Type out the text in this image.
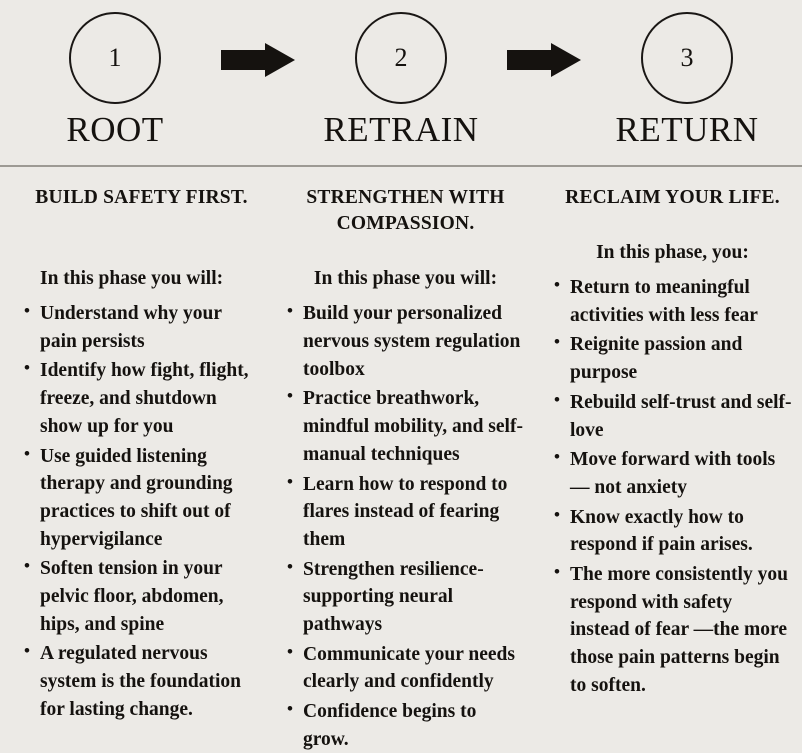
1
ROOT
2
RETRAIN
3
RETURN
BUILD SAFETY FIRST.
In this phase you will:
• Understand why your pain persists
• Identify how fight, flight, freeze, and shutdown show up for you
• Use guided listening therapy and grounding practices to shift out of hypervigilance
• Soften tension in your pelvic floor, abdomen, hips, and spine
• A regulated nervous system is the foundation for lasting change.
STRENGTHEN WITH COMPASSION.
In this phase you will:
• Build your personalized nervous system regulation toolbox
• Practice breathwork, mindful mobility, and self-manual techniques
• Learn how to respond to flares instead of fearing them
• Strengthen resilience-supporting neural pathways
• Communicate your needs clearly and confidently
• Confidence begins to grow.
RECLAIM YOUR LIFE.
In this phase, you:
• Return to meaningful activities with less fear
• Reignite passion and purpose
• Rebuild self-trust and self-love
• Move forward with tools — not anxiety
• Know exactly how to respond if pain arises.
• The more consistently you respond with safety instead of fear —the more those pain patterns begin to soften.
